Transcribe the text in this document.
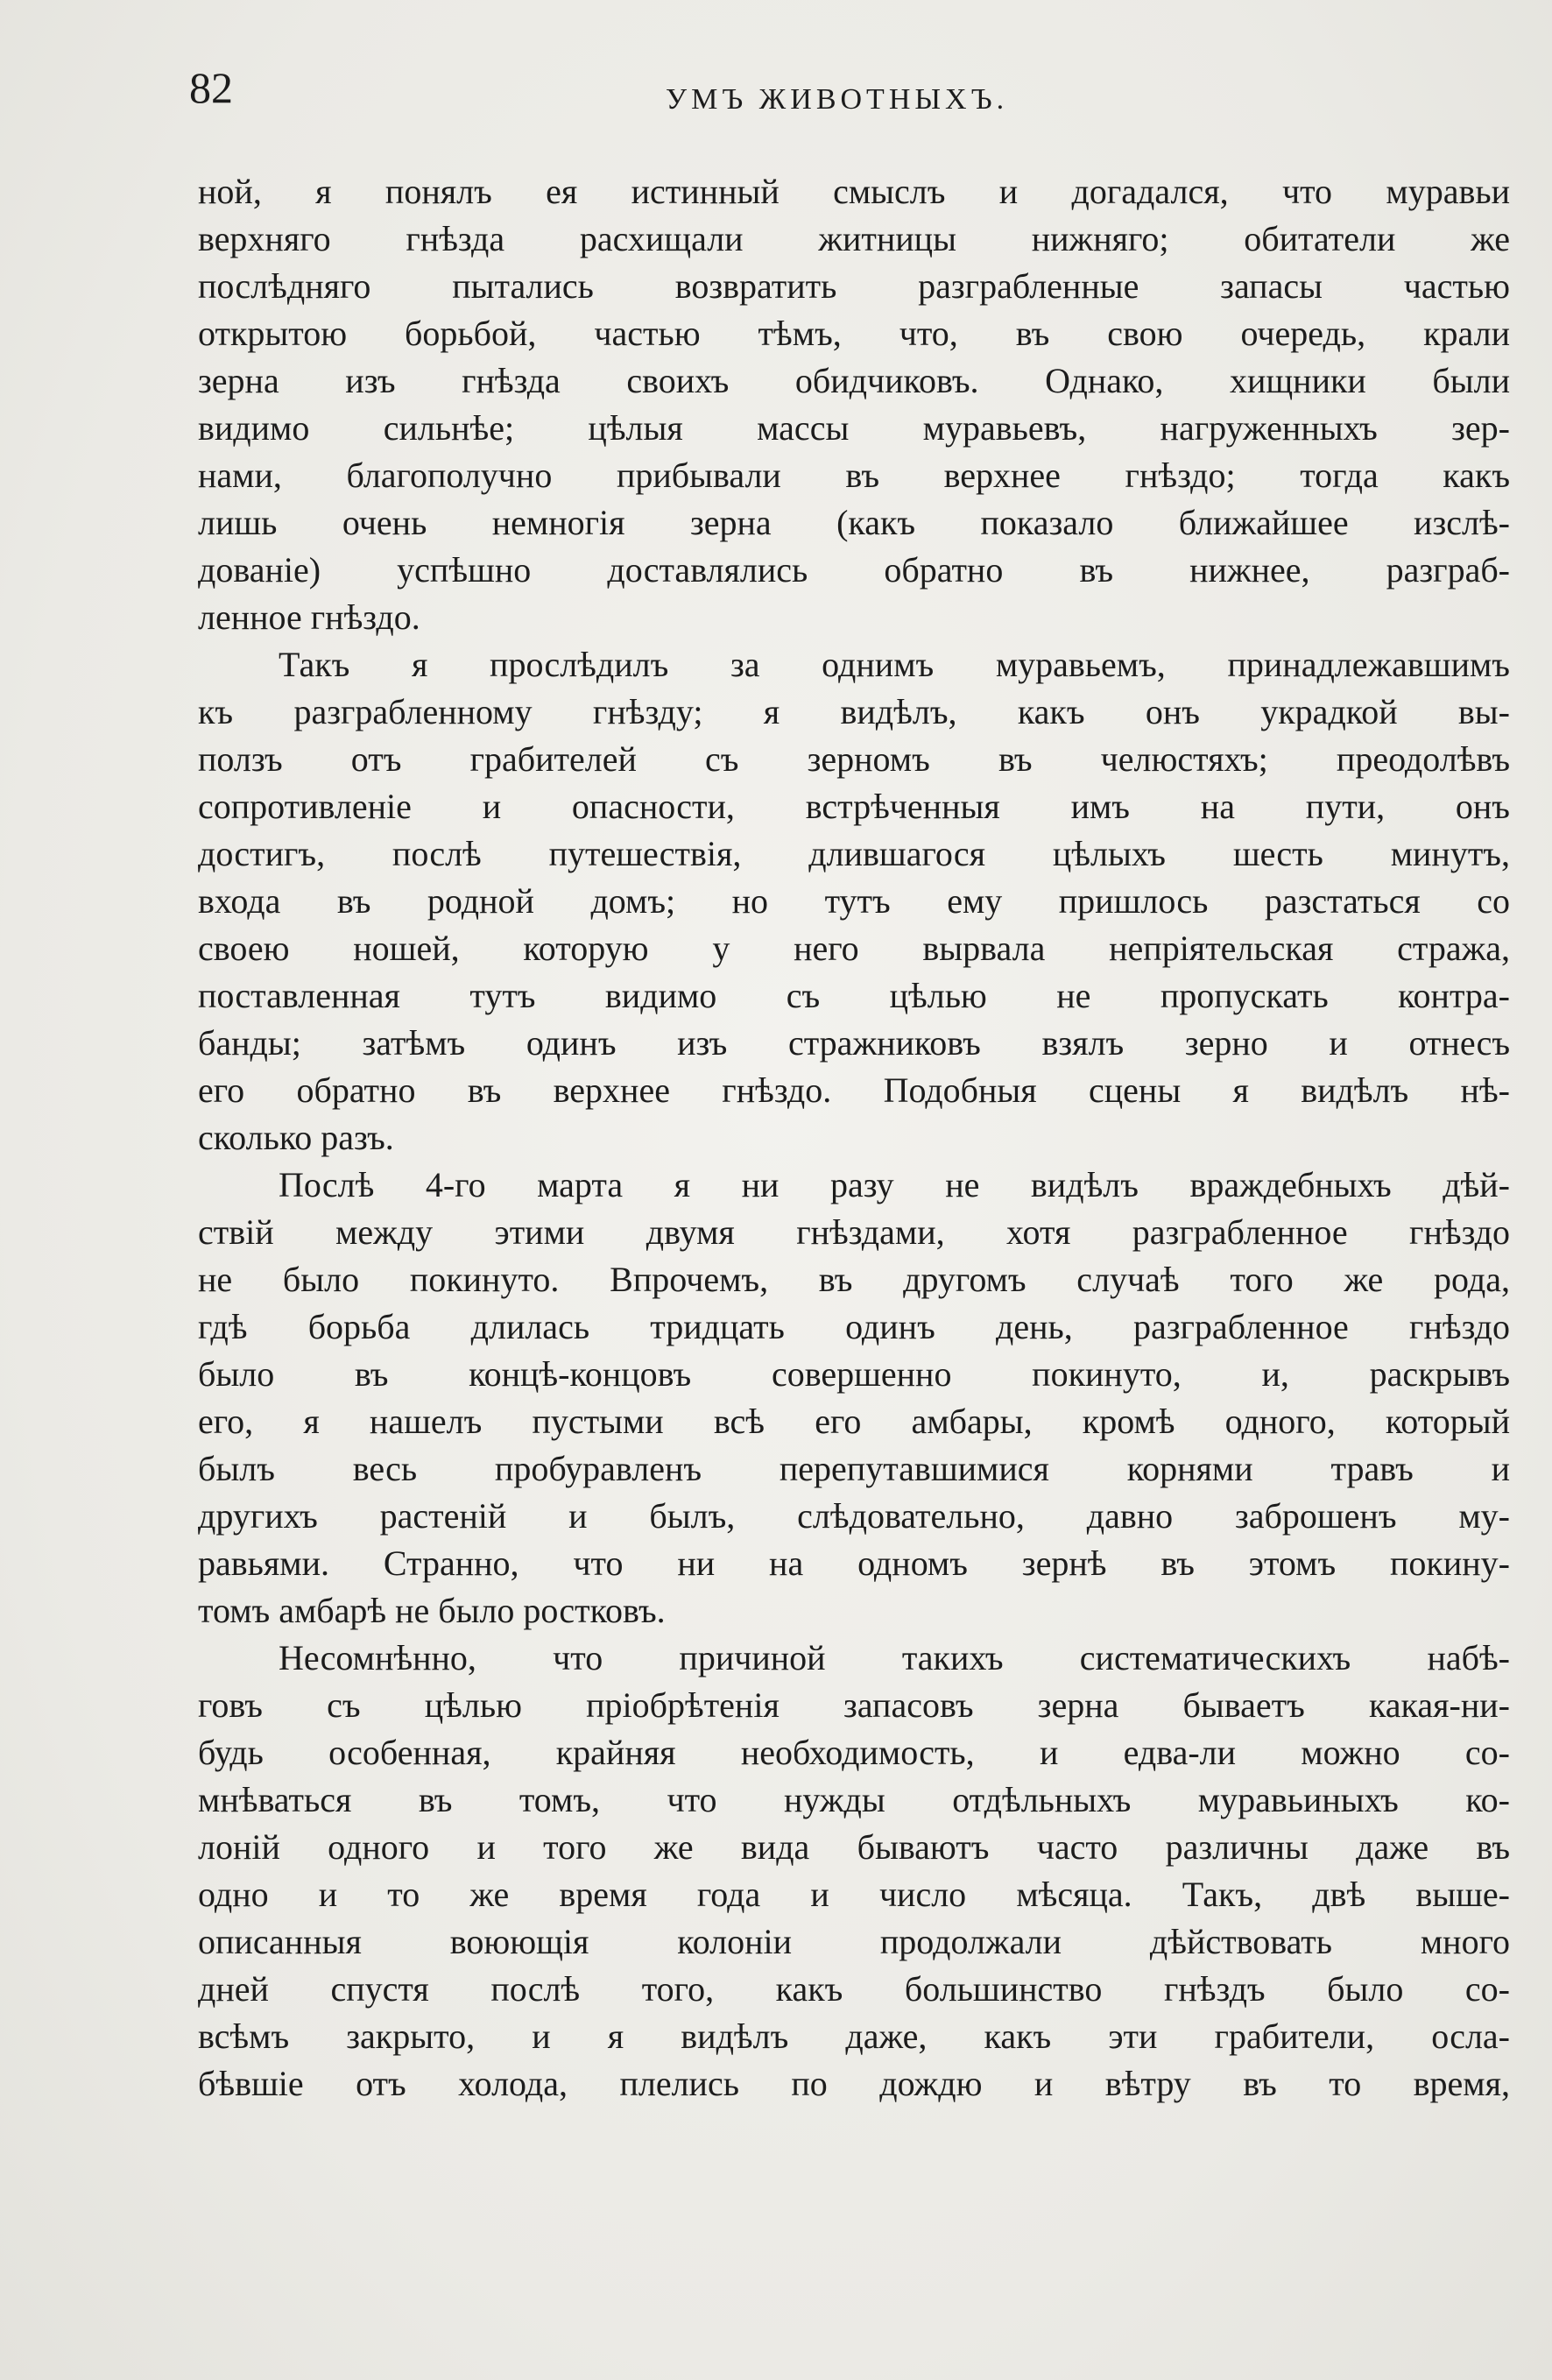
82	УМЪ ЖИВОТНЫХЪ.
ной, я понялъ ея истинный смыслъ и догадался, что муравьи
верхняго гнѣзда расхищали житницы нижняго; обитатели же
послѣдняго пытались возвратить разграбленные запасы частью
открытою борьбой, частью тѣмъ, что, въ свою очередь, крали
зерна изъ гнѣзда своихъ обидчиковъ. Однако, хищники были
видимо сильнѣе; цѣлыя массы муравьевъ, нагруженныхъ зер-
нами, благополучно прибывали въ верхнее гнѣздо; тогда какъ
лишь очень немногія зерна (какъ показало ближайшее изслѣ-
дованіе) успѣшно доставлялись обратно въ нижнее, разграб-
ленное гнѣздо.
Такъ я прослѣдилъ за однимъ муравьемъ, принадлежавшимъ
къ разграбленному гнѣзду; я видѣлъ, какъ онъ украдкой вы-
ползъ отъ грабителей съ зерномъ въ челюстяхъ; преодолѣвъ
сопротивленіе и опасности, встрѣченныя имъ на пути, онъ
достигъ, послѣ путешествія, длившагося цѣлыхъ шесть минутъ,
входа въ родной домъ; но тутъ ему пришлось разстаться со
своею ношей, которую у него вырвала непріятельская стража,
поставленная тутъ видимо съ цѣлью не пропускать контра-
банды; затѣмъ одинъ изъ стражниковъ взялъ зерно и отнесъ
его обратно въ верхнее гнѣздо. Подобныя сцены я видѣлъ нѣ-
сколько разъ.
Послѣ 4-го марта я ни разу не видѣлъ враждебныхъ дѣй-
ствій между этими двумя гнѣздами, хотя разграбленное гнѣздо
не было покинуто. Впрочемъ, въ другомъ случаѣ того же рода,
гдѣ борьба длилась тридцать одинъ день, разграбленное гнѣздо
было въ концѣ-концовъ совершенно покинуто, и, раскрывъ
его, я нашелъ пустыми всѣ его амбары, кромѣ одного, который
былъ весь пробуравленъ перепутавшимися корнями травъ и
другихъ растеній и былъ, слѣдовательно, давно заброшенъ му-
равьями. Странно, что ни на одномъ зернѣ въ этомъ покину-
томъ амбарѣ не было ростковъ.
Несомнѣнно, что причиной такихъ систематическихъ набѣ-
говъ съ цѣлью пріобрѣтенія запасовъ зерна бываетъ какая-ни-
будь особенная, крайняя необходимость, и едва-ли можно со-
мнѣваться въ томъ, что нужды отдѣльныхъ муравьиныхъ ко-
лоній одного и того же вида бываютъ часто различны даже въ
одно и то же время года и число мѣсяца. Такъ, двѣ выше-
описанныя воюющія колоніи продолжали дѣйствовать много
дней спустя послѣ того, какъ большинство гнѣздъ было со-
всѣмъ закрыто, и я видѣлъ даже, какъ эти грабители, осла-
бѣвшіе отъ холода, плелись по дождю и вѣтру въ то время,
